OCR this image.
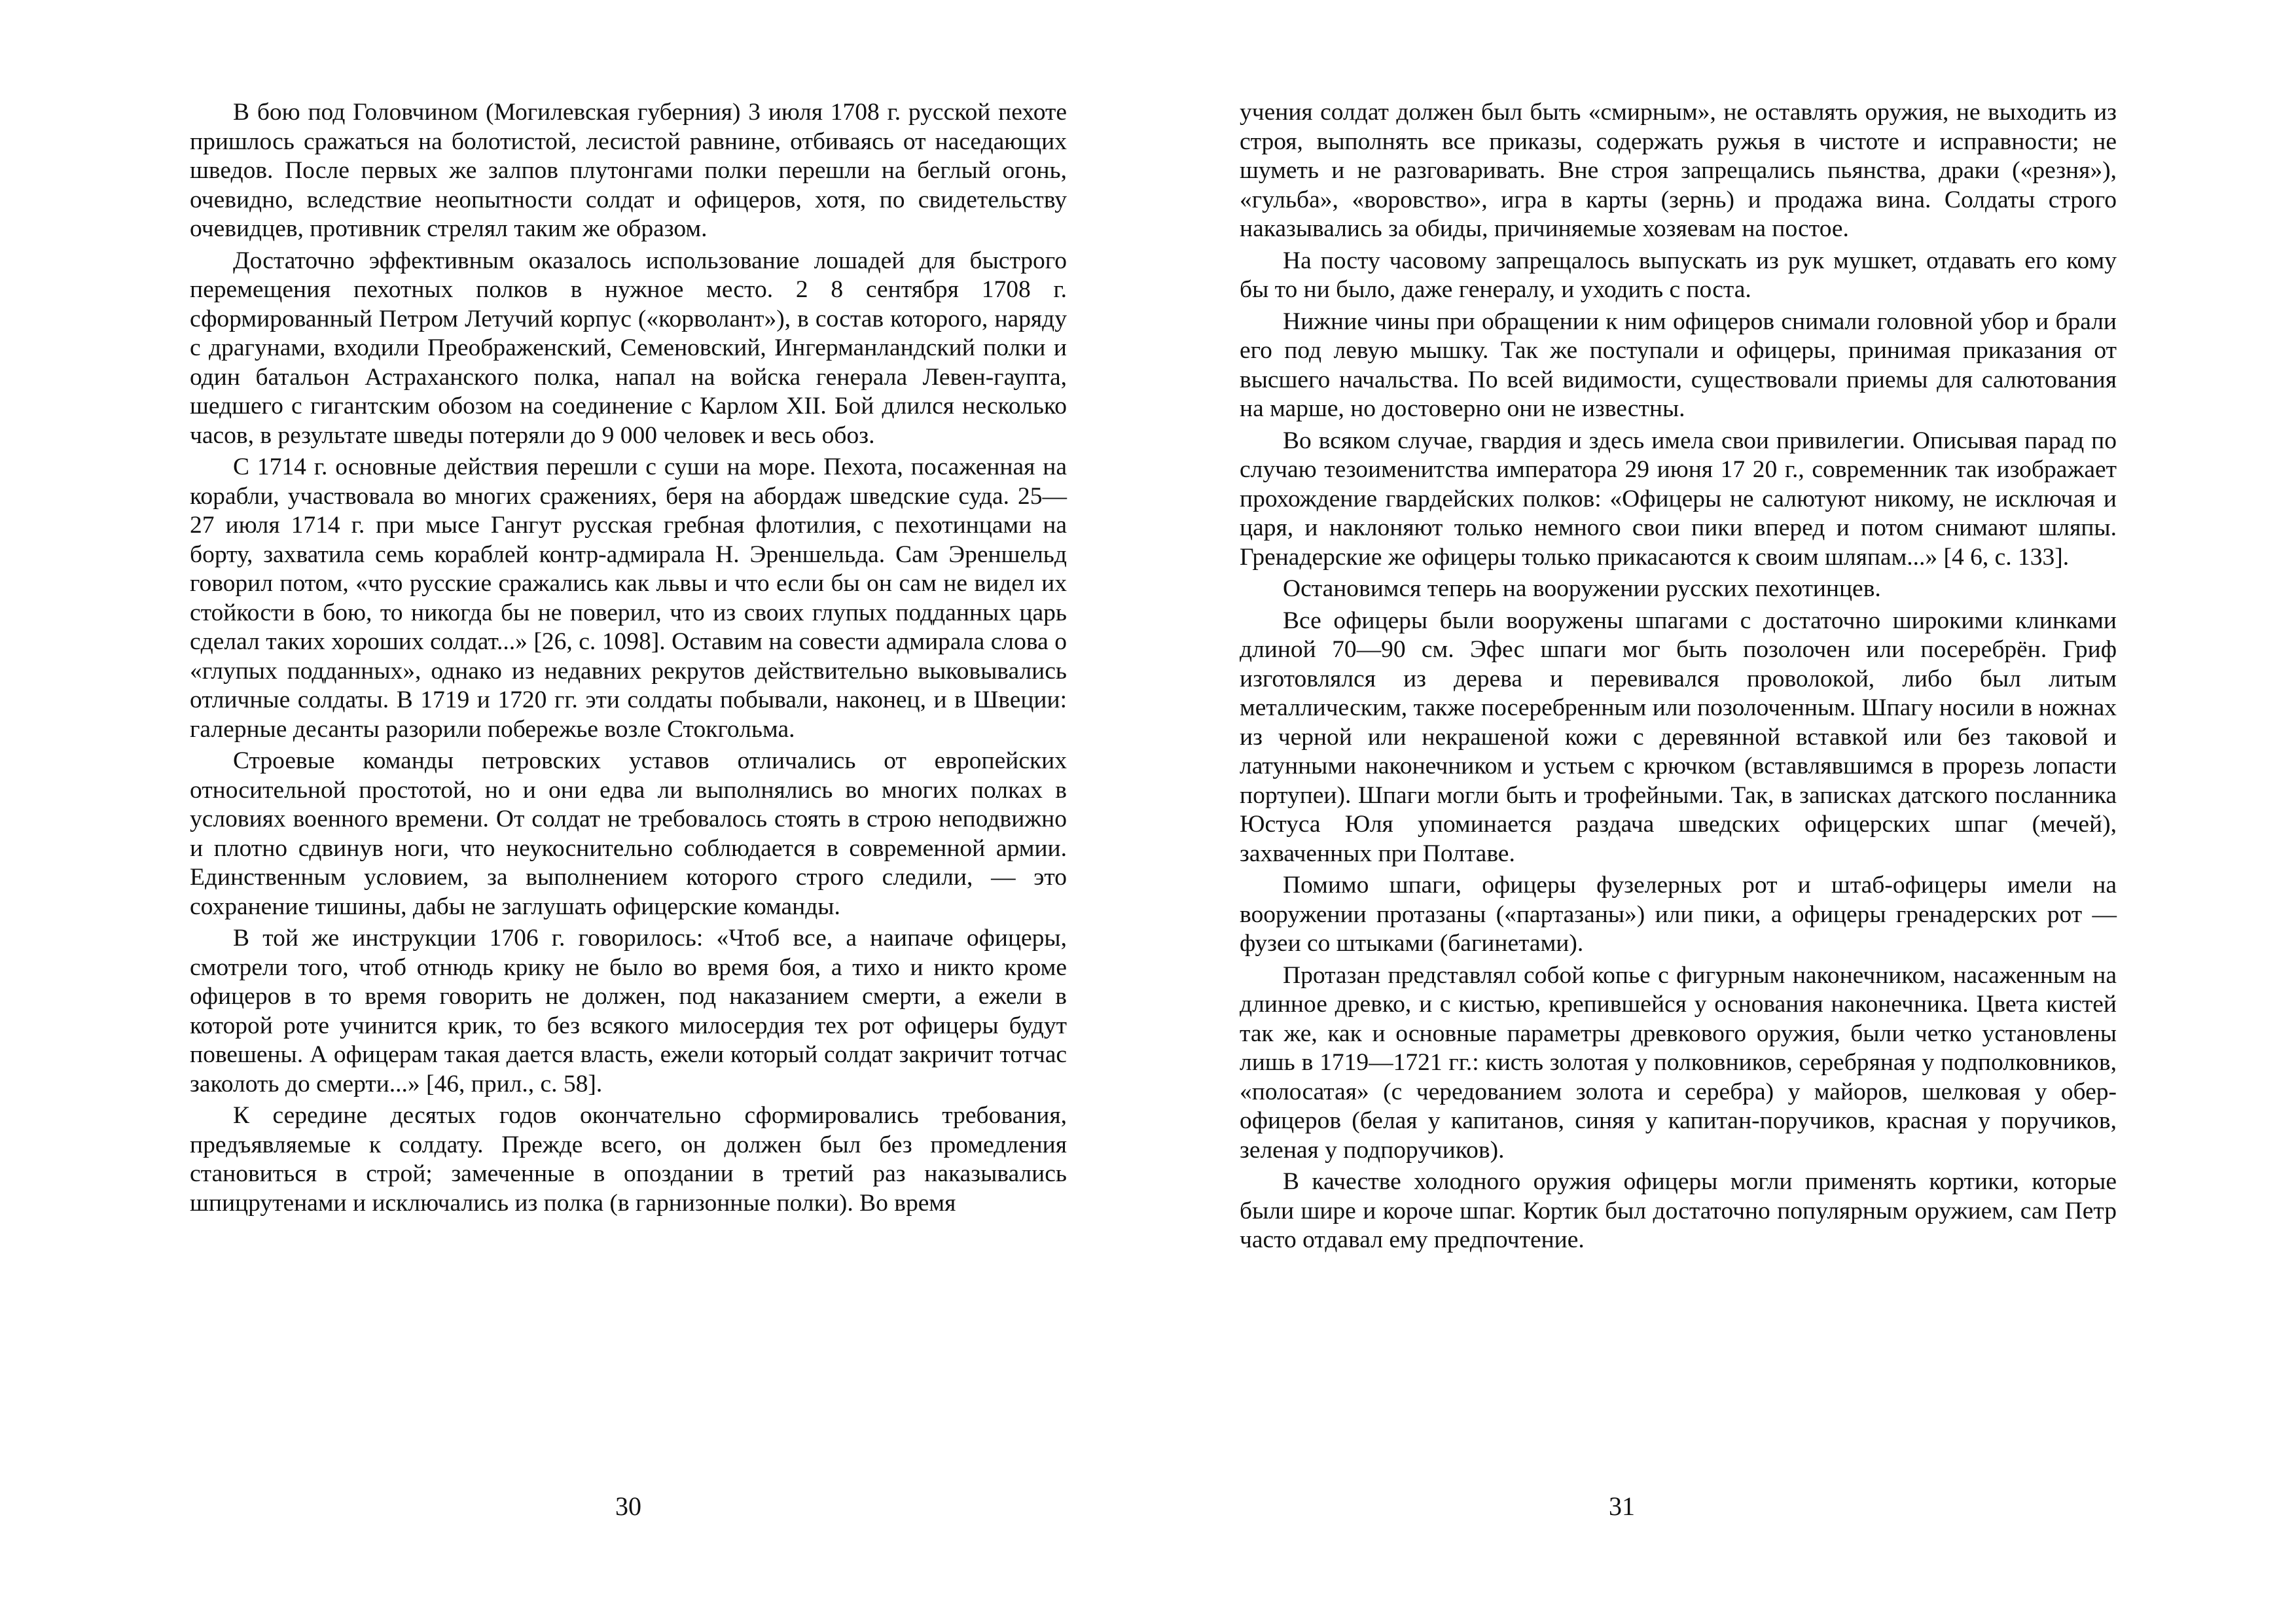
В бою под Головчином (Могилевская губерния) 3 июля 1708 г. русской пехоте пришлось сражаться на болотистой, лесистой равнине, отбиваясь от наседающих шведов. После первых же залпов плутонгами полки перешли на беглый огонь, очевидно, вследствие неопытности солдат и офицеров, хотя, по свидетельству очевидцев, противник стрелял таким же образом.

Достаточно эффективным оказалось использование лошадей для быстрого перемещения пехотных полков в нужное место. 2 8 сентября 1708 г. сформированный Петром Летучий корпус («корволант»), в состав которого, наряду с драгунами, входили Преображенский, Семеновский, Ингерманландский полки и один батальон Астраханского полка, напал на войска генерала Левен-гаупта, шедшего с гигантским обозом на соединение с Карлом XII. Бой длился несколько часов, в результате шведы потеряли до 9 000 человек и весь обоз.

С 1714 г. основные действия перешли с суши на море. Пехота, посаженная на корабли, участвовала во многих сражениях, беря на абордаж шведские суда. 25—27 июля 1714 г. при мысе Гангут русская гребная флотилия, с пехотинцами на борту, захватила семь кораблей контр-адмирала Н. Эреншельда. Сам Эреншельд говорил потом, «что русские сражались как львы и что если бы он сам не видел их стойкости в бою, то никогда бы не поверил, что из своих глупых подданных царь сделал таких хороших солдат...» [26, с. 1098]. Оставим на совести адмирала слова о «глупых подданных», однако из недавних рекрутов действительно выковывались отличные солдаты. В 1719 и 1720 гг. эти солдаты побывали, наконец, и в Швеции: галерные десанты разорили побережье возле Стокгольма.

Строевые команды петровских уставов отличались от европейских относительной простотой, но и они едва ли выполнялись во многих полках в условиях военного времени. От солдат не требовалось стоять в строю неподвижно и плотно сдвинув ноги, что неукоснительно соблюдается в современной армии. Единственным условием, за выполнением которого строго следили, — это сохранение тишины, дабы не заглушать офицерские команды.

В той же инструкции 1706 г. говорилось: «Чтоб все, а наипаче офицеры, смотрели того, чтоб отнюдь крику не было во время боя, а тихо и никто кроме офицеров в то время говорить не должен, под наказанием смерти, а ежели в которой роте учинится крик, то без всякого милосердия тех рот офицеры будут повешены. А офицерам такая дается власть, ежели который солдат закричит тотчас заколоть до смерти...» [46, прил., с. 58].

К середине десятых годов окончательно сформировались требования, предъявляемые к солдату. Прежде всего, он должен был без промедления становиться в строй; замеченные в опоздании в третий раз наказывались шпицрутенами и исключались из полка (в гарнизонные полки). Во время

30

учения солдат должен был быть «смирным», не оставлять оружия, не выходить из строя, выполнять все приказы, содержать ружья в чистоте и исправности; не шуметь и не разговаривать. Вне строя запрещались пьянства, драки («резня»), «гульба», «воровство», игра в карты (зернь) и продажа вина. Солдаты строго наказывались за обиды, причиняемые хозяевам на постое.

На посту часовому запрещалось выпускать из рук мушкет, отдавать его кому бы то ни было, даже генералу, и уходить с поста.

Нижние чины при обращении к ним офицеров снимали головной убор и брали его под левую мышку. Так же поступали и офицеры, принимая приказания от высшего начальства. По всей видимости, существовали приемы для салютования на марше, но достоверно они не известны.

Во всяком случае, гвардия и здесь имела свои привилегии. Описывая парад по случаю тезоименитства императора 29 июня 17 20 г., современник так изображает прохождение гвардейских полков: «Офицеры не салютуют никому, не исключая и царя, и наклоняют только немного свои пики вперед и потом снимают шляпы. Гренадерские же офицеры только прикасаются к своим шляпам...» [4 6, с. 133].

Остановимся теперь на вооружении русских пехотинцев.

Все офицеры были вооружены шпагами с достаточно широкими клинками длиной 70—90 см. Эфес шпаги мог быть позолочен или посеребрён. Гриф изготовлялся из дерева и перевивался проволокой, либо был литым металлическим, также посеребренным или позолоченным. Шпагу носили в ножнах из черной или некрашеной кожи с деревянной вставкой или без таковой и латунными наконечником и устьем с крючком (вставлявшимся в прорезь лопасти портупеи). Шпаги могли быть и трофейными. Так, в записках датского посланника Юстуса Юля упоминается раздача шведских офицерских шпаг (мечей), захваченных при Полтаве.

Помимо шпаги, офицеры фузелерных рот и штаб-офицеры имели на вооружении протазаны («партазаны») или пики, а офицеры гренадерских рот — фузеи со штыками (багинетами).

Протазан представлял собой копье с фигурным наконечником, насаженным на длинное древко, и с кистью, крепившейся у основания наконечника. Цвета кистей так же, как и основные параметры древкового оружия, были четко установлены лишь в 1719—1721 гг.: кисть золотая у полковников, серебряная у подполковников, «полосатая» (с чередованием золота и серебра) у майоров, шелковая у обер-офицеров (белая у капитанов, синяя у капитан-поручиков, красная у поручиков, зеленая у подпоручиков).

В качестве холодного оружия офицеры могли применять кортики, которые были шире и короче шпаг. Кортик был достаточно популярным оружием, сам Петр часто отдавал ему предпочтение.

31
